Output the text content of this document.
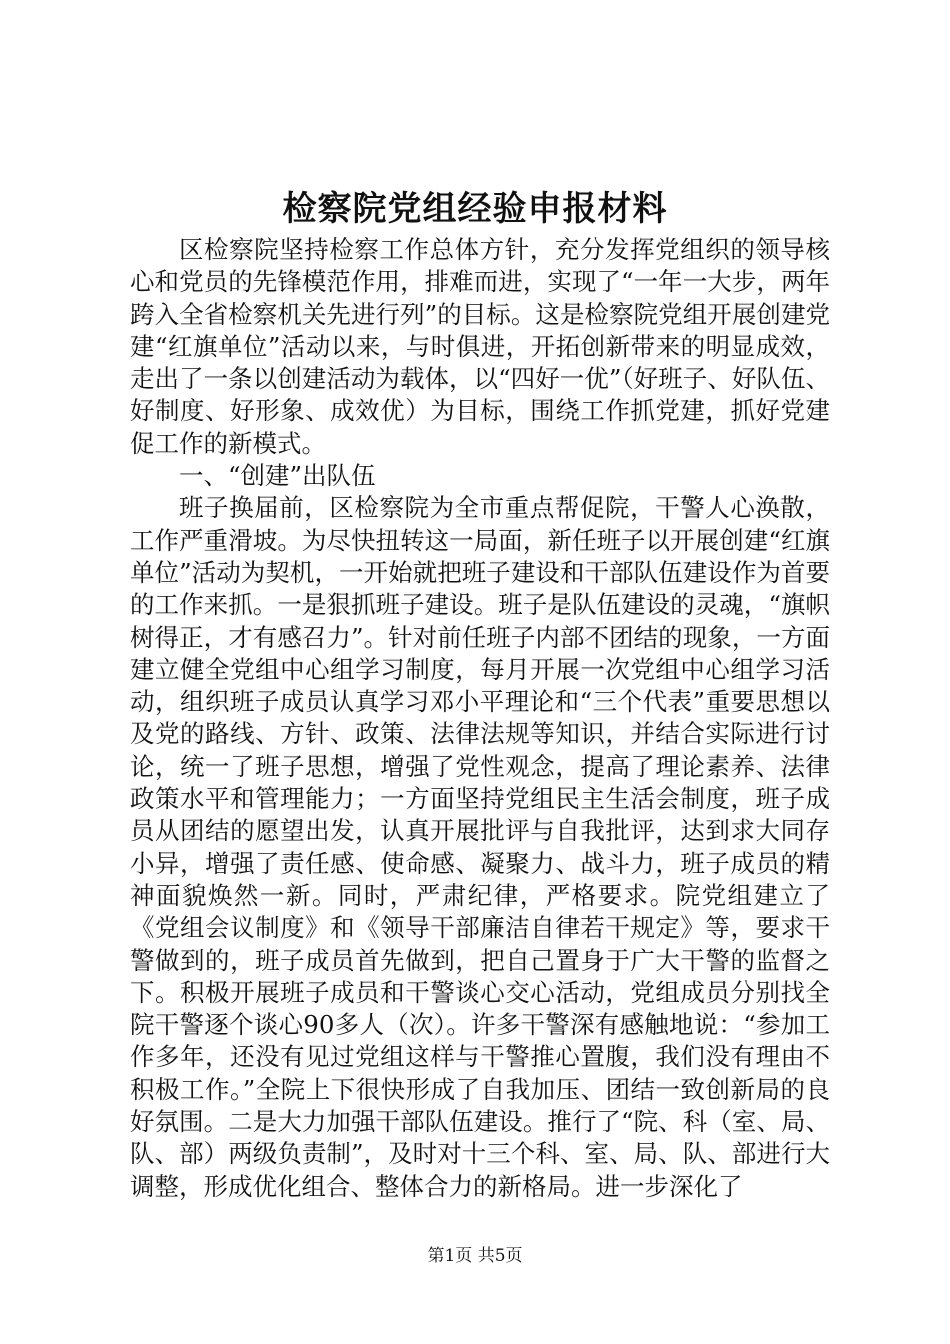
检察院党组经验申报材料

区检察院坚持检察工作总体方针，充分发挥党组织的领导核心和党员的先锋模范作用，排难而进，实现了“一年一大步，两年跨入全省检察机关先进行列”的目标。这是检察院党组开展创建党建“红旗单位”活动以来，与时俱进，开拓创新带来的明显成效，走出了一条以创建活动为载体，以“四好一优”（好班子、好队伍、好制度、好形象、成效优）为目标，围绕工作抓党建，抓好党建促工作的新模式。

一、“创建”出队伍

班子换届前，区检察院为全市重点帮促院，干警人心涣散，工作严重滑坡。为尽快扭转这一局面，新任班子以开展创建“红旗单位”活动为契机，一开始就把班子建设和干部队伍建设作为首要的工作来抓。一是狠抓班子建设。班子是队伍建设的灵魂，“旗帜树得正，才有感召力”。针对前任班子内部不团结的现象，一方面建立健全党组中心组学习制度，每月开展一次党组中心组学习活动，组织班子成员认真学习邓小平理论和“三个代表”重要思想以及党的路线、方针、政策、法律法规等知识，并结合实际进行讨论，统一了班子思想，增强了党性观念，提高了理论素养、法律政策水平和管理能力；一方面坚持党组民主生活会制度，班子成员从团结的愿望出发，认真开展批评与自我批评，达到求大同存小异，增强了责任感、使命感、凝聚力、战斗力，班子成员的精神面貌焕然一新。同时，严肃纪律，严格要求。院党组建立了《党组会议制度》和《领导干部廉洁自律若干规定》等，要求干警做到的，班子成员首先做到，把自己置身于广大干警的监督之下。积极开展班子成员和干警谈心交心活动，党组成员分别找全院干警逐个谈心90多人（次）。许多干警深有感触地说：“参加工作多年，还没有见过党组这样与干警推心置腹，我们没有理由不积极工作。”全院上下很快形成了自我加压、团结一致创新局的良好氛围。二是大力加强干部队伍建设。推行了“院、科（室、局、队、部）两级负责制”，及时对十三个科、室、局、队、部进行大调整，形成优化组合、整体合力的新格局。进一步深化了

第1页 共5页
